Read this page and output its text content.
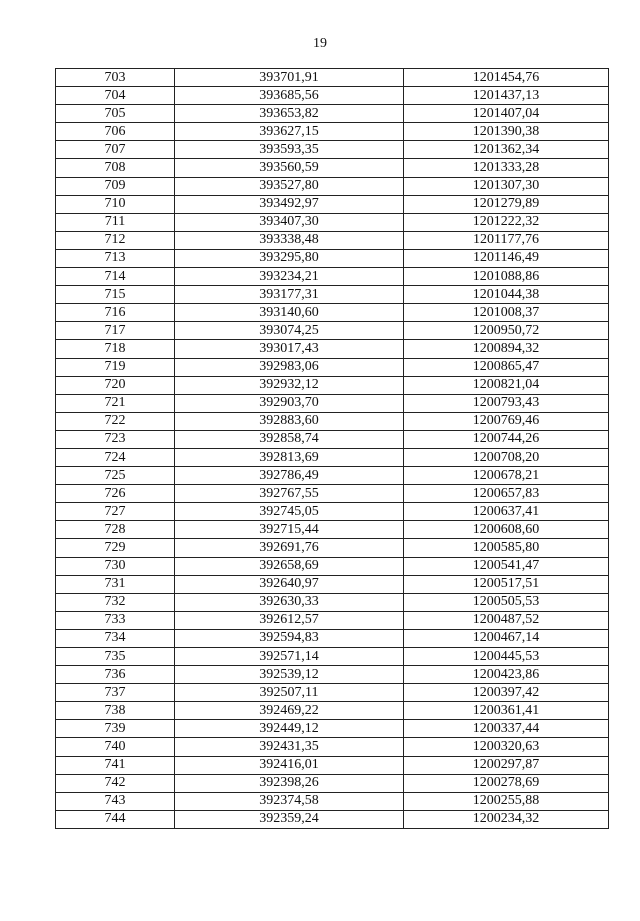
19
703	393701,91	1201454,76
704	393685,56	1201437,13
705	393653,82	1201407,04
706	393627,15	1201390,38
707	393593,35	1201362,34
708	393560,59	1201333,28
709	393527,80	1201307,30
710	393492,97	1201279,89
711	393407,30	1201222,32
712	393338,48	1201177,76
713	393295,80	1201146,49
714	393234,21	1201088,86
715	393177,31	1201044,38
716	393140,60	1201008,37
717	393074,25	1200950,72
718	393017,43	1200894,32
719	392983,06	1200865,47
720	392932,12	1200821,04
721	392903,70	1200793,43
722	392883,60	1200769,46
723	392858,74	1200744,26
724	392813,69	1200708,20
725	392786,49	1200678,21
726	392767,55	1200657,83
727	392745,05	1200637,41
728	392715,44	1200608,60
729	392691,76	1200585,80
730	392658,69	1200541,47
731	392640,97	1200517,51
732	392630,33	1200505,53
733	392612,57	1200487,52
734	392594,83	1200467,14
735	392571,14	1200445,53
736	392539,12	1200423,86
737	392507,11	1200397,42
738	392469,22	1200361,41
739	392449,12	1200337,44
740	392431,35	1200320,63
741	392416,01	1200297,87
742	392398,26	1200278,69
743	392374,58	1200255,88
744	392359,24	1200234,32
